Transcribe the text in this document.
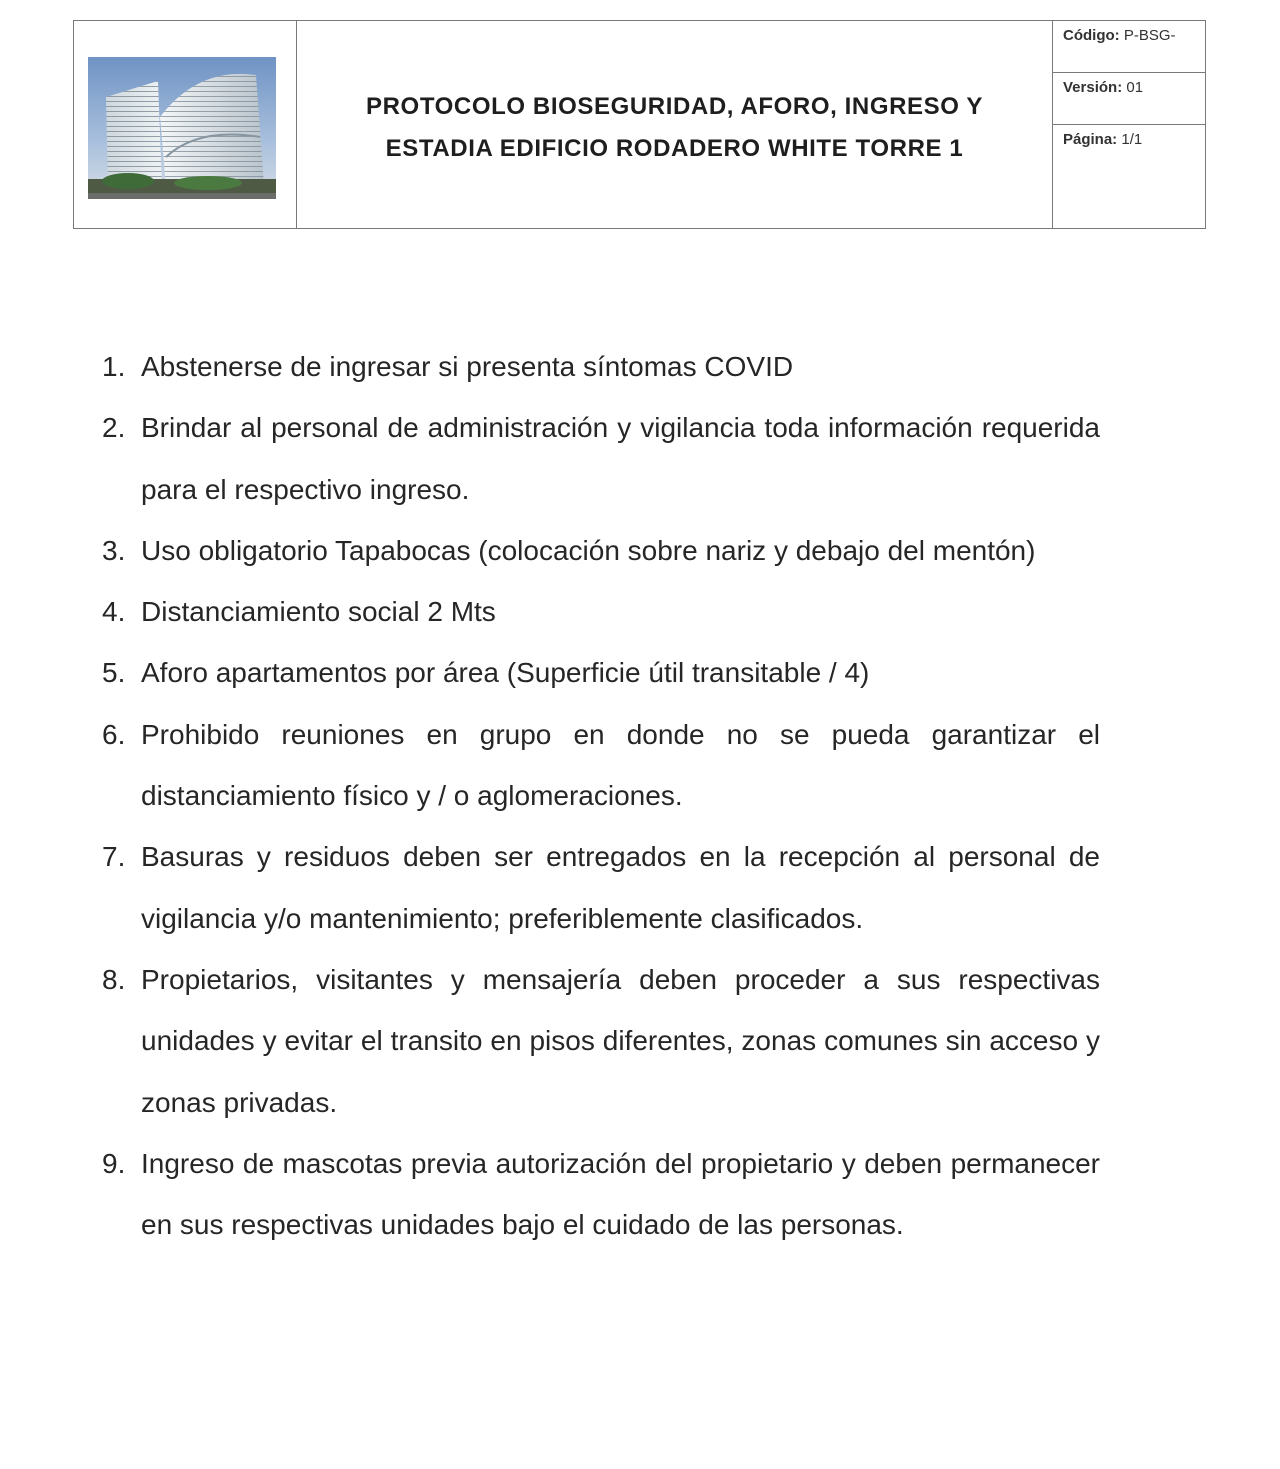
PROTOCOLO BIOSEGURIDAD, AFORO, INGRESO Y
ESTADIA EDIFICIO RODADERO WHITE TORRE 1
Código: P-BSG-
Versión: 01
Página: 1/1
1. Abstenerse de ingresar si presenta síntomas COVID
2. Brindar al personal de administración y vigilancia toda información requerida para el respectivo ingreso.
3. Uso obligatorio Tapabocas (colocación sobre nariz y debajo del mentón)
4. Distanciamiento social 2 Mts
5. Aforo apartamentos por área (Superficie útil transitable / 4)
6. Prohibido reuniones en grupo en donde no se pueda garantizar el distanciamiento físico y / o aglomeraciones.
7. Basuras y residuos deben ser entregados en la recepción al personal de vigilancia y/o mantenimiento; preferiblemente clasificados.
8. Propietarios, visitantes y mensajería deben proceder a sus respectivas unidades y evitar el transito en pisos diferentes, zonas comunes sin acceso y zonas privadas.
9. Ingreso de mascotas previa autorización del propietario y deben permanecer en sus respectivas unidades bajo el cuidado de las personas.
